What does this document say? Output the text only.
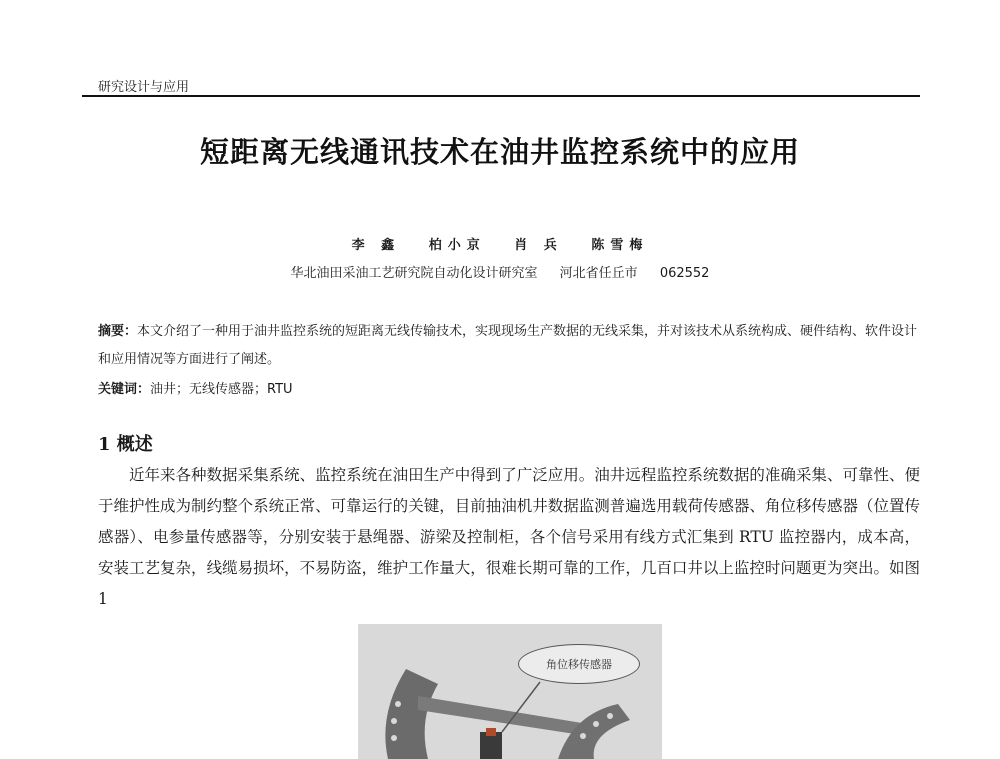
研究设计与应用
短距离无线通讯技术在油井监控系统中的应用
李 鑫 柏小京 肖 兵 陈雪梅
华北油田采油工艺研究院自动化设计研究室 河北省任丘市 062552
摘要：本文介绍了一种用于油井监控系统的短距离无线传输技术，实现现场生产数据的无线采集，并对该技术从系统构成、硬件结构、软件设计和应用情况等方面进行了阐述。
关键词：油井；无线传感器；RTU
1 概述
近年来各种数据采集系统、监控系统在油田生产中得到了广泛应用。油井远程监控系统数据的准确采集、可靠性、便于维护性成为制约整个系统正常、可靠运行的关键，目前抽油机井数据监测普遍选用载荷传感器、角位移传感器（位置传感器）、电参量传感器等，分别安装于悬绳器、游梁及控制柜，各个信号采用有线方式汇集到 RTU 监控器内，成本高，安装工艺复杂，线缆易损坏，不易防盗，维护工作量大，很难长期可靠的工作，几百口井以上监控时问题更为突出。如图 1
角位移传感器
